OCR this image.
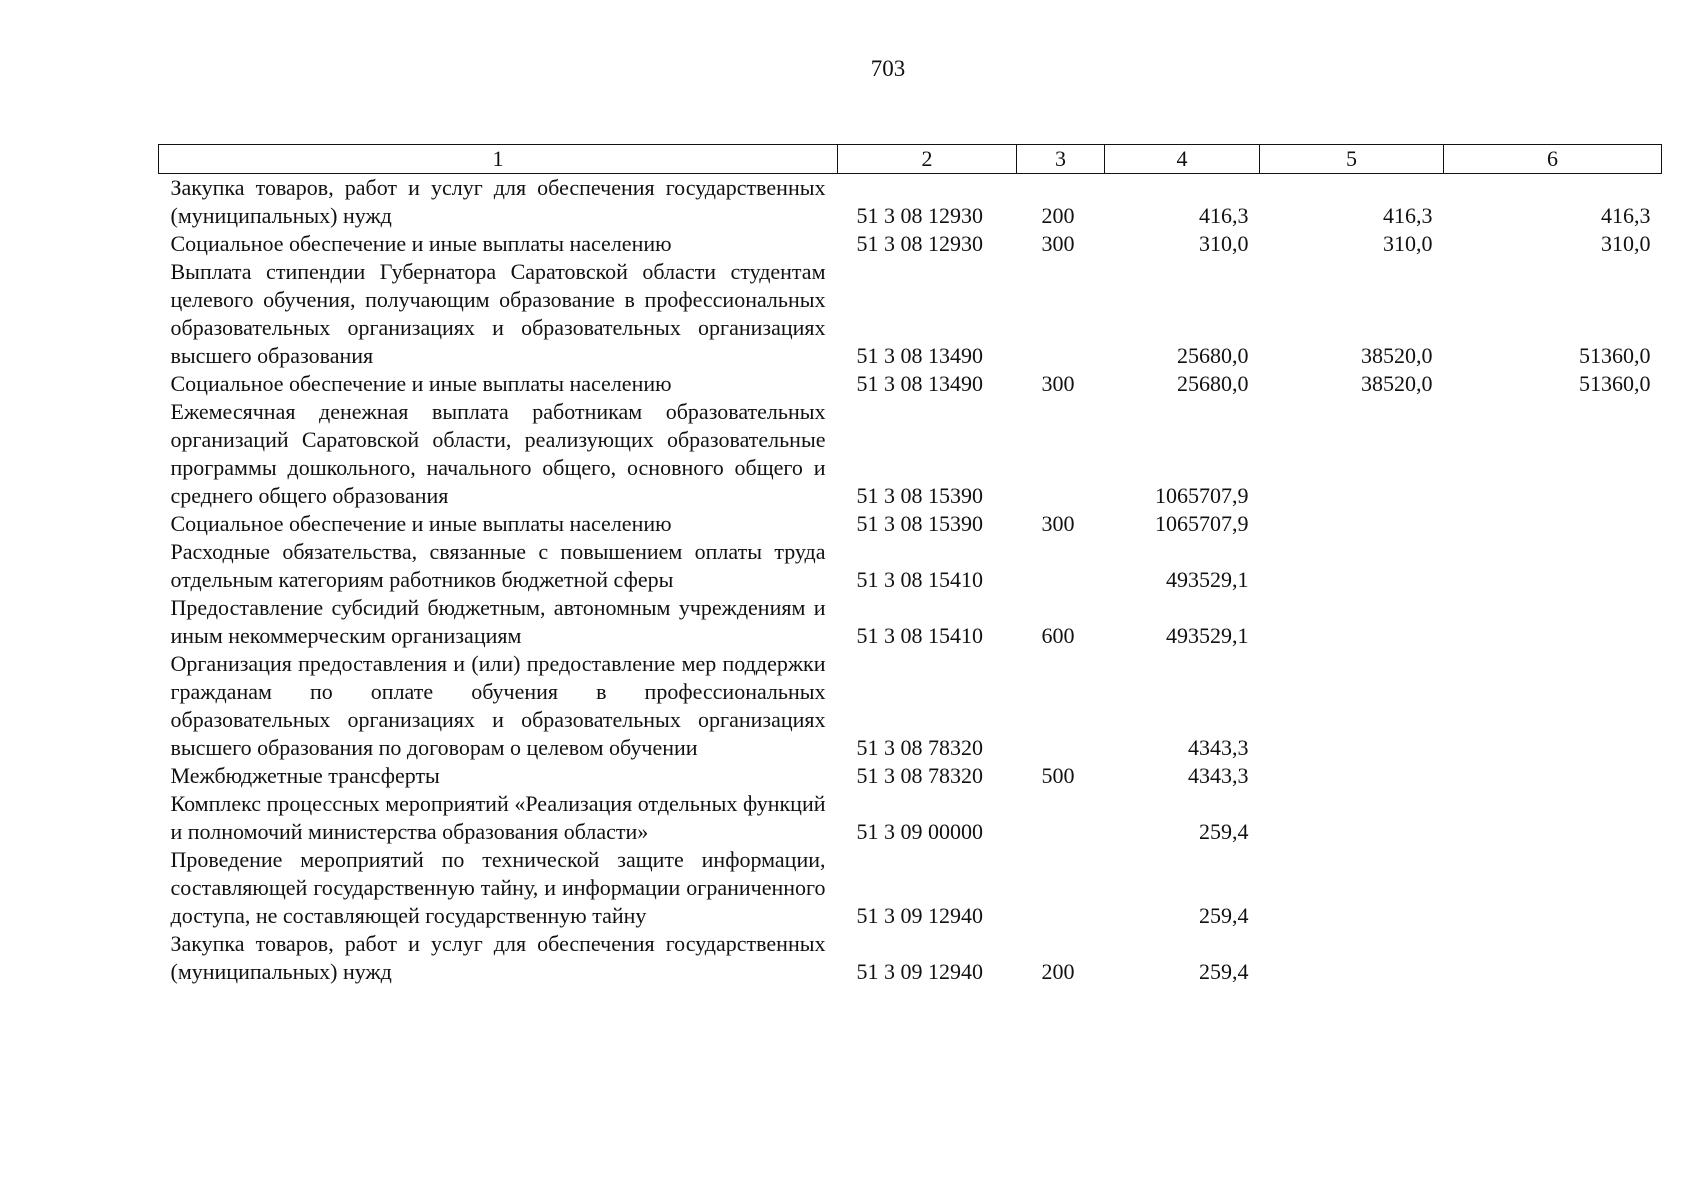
703
1	2	3	4	5	6
Закупка товаров, работ и услуг для обеспечения государственных (муниципальных) нужд	51 3 08 12930	200	416,3	416,3	416,3
Социальное обеспечение и иные выплаты населению	51 3 08 12930	300	310,0	310,0	310,0
Выплата стипендии Губернатора Саратовской области студентам целевого обучения, получающим образование в профессиональных образовательных организациях и образовательных организациях высшего образования	51 3 08 13490		25680,0	38520,0	51360,0
Социальное обеспечение и иные выплаты населению	51 3 08 13490	300	25680,0	38520,0	51360,0
Ежемесячная денежная выплата работникам образовательных организаций Саратовской области, реализующих образовательные программы дошкольного, начального общего, основного общего и среднего общего образования	51 3 08 15390		1065707,9		
Социальное обеспечение и иные выплаты населению	51 3 08 15390	300	1065707,9		
Расходные обязательства, связанные с повышением оплаты труда отдельным категориям работников бюджетной сферы	51 3 08 15410		493529,1		
Предоставление субсидий бюджетным, автономным учреждениям и иным некоммерческим организациям	51 3 08 15410	600	493529,1		
Организация предоставления и (или) предоставление мер поддержки гражданам по оплате обучения в профессиональных образовательных организациях и образовательных организациях высшего образования по договорам о целевом обучении	51 3 08 78320		4343,3		
Межбюджетные трансферты	51 3 08 78320	500	4343,3		
Комплекс процессных мероприятий «Реализация отдельных функций и полномочий министерства образования области»	51 3 09 00000		259,4		
Проведение мероприятий по технической защите информации, составляющей государственную тайну, и информации ограниченного доступа, не составляющей государственную тайну	51 3 09 12940		259,4		
Закупка товаров, работ и услуг для обеспечения государственных (муниципальных) нужд	51 3 09 12940	200	259,4		
